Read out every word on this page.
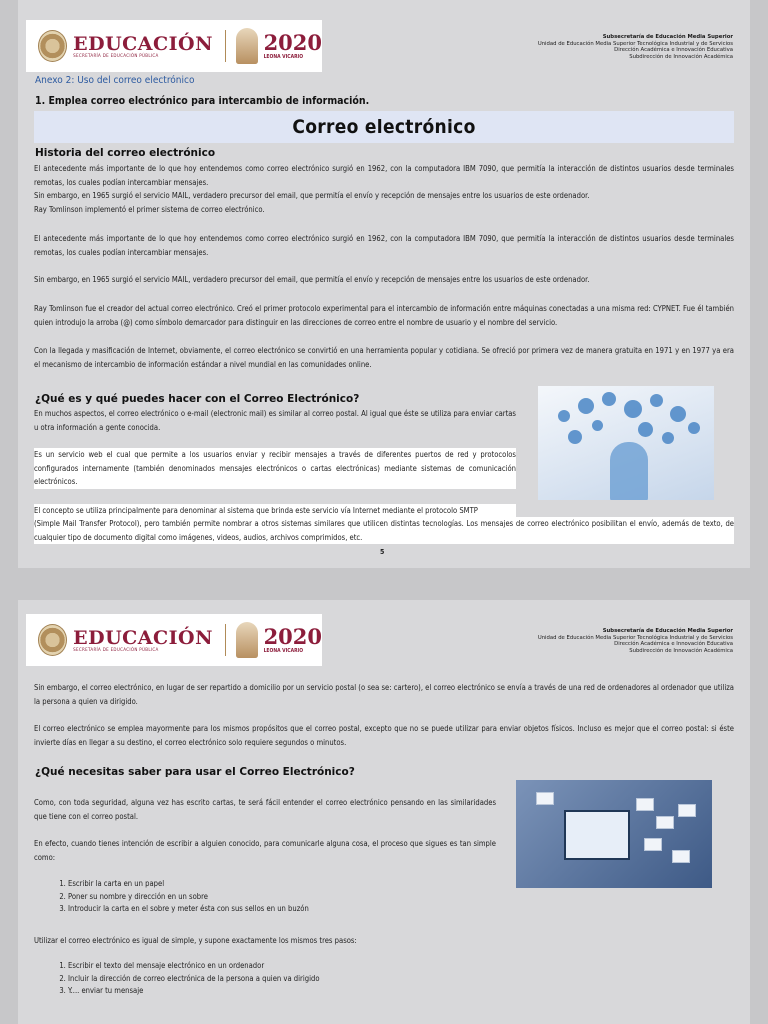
EDUCACIÓN
SECRETARÍA DE EDUCACIÓN PÚBLICA
2020
LEONA VICARIO
Subsecretaría de Educación Media Superior
Unidad de Educación Media Superior Tecnológica Industrial y de Servicios
Dirección Académica e Innovación Educativa
Subdirección de Innovación Académica
Anexo 2: Uso del correo electrónico
1. Emplea correo electrónico para intercambio de información.
Correo electrónico
Historia del correo electrónico
El antecedente más importante de lo que hoy entendemos como correo electrónico surgió en 1962, con la computadora IBM 7090, que permitía la interacción de distintos usuarios desde terminales remotas, los cuales podían intercambiar mensajes.
Sin embargo, en 1965 surgió el servicio MAIL, verdadero precursor del email, que permitía el envío y recepción de mensajes entre los usuarios de este ordenador.
Ray Tomlinson implementó el primer sistema de correo electrónico.
El antecedente más importante de lo que hoy entendemos como correo electrónico surgió en 1962, con la computadora IBM 7090, que permitía la interacción de distintos usuarios desde terminales remotas, los cuales podían intercambiar mensajes.
Sin embargo, en 1965 surgió el servicio MAIL, verdadero precursor del email, que permitía el envío y recepción de mensajes entre los usuarios de este ordenador.
Ray Tomlinson fue el creador del actual correo electrónico. Creó el primer protocolo experimental para el intercambio de información entre máquinas conectadas a una misma red: CYPNET. Fue él también quien introdujo la arroba (@) como símbolo demarcador para distinguir en las direcciones de correo entre el nombre de usuario y el nombre del servicio.
Con la llegada y masificación de Internet, obviamente, el correo electrónico se convirtió en una herramienta popular y cotidiana. Se ofreció por primera vez de manera gratuita en 1971 y en 1977 ya era el mecanismo de intercambio de información estándar a nivel mundial en las comunidades online.
¿Qué es y qué puedes hacer con el Correo Electrónico?
En muchos aspectos, el correo electrónico o e-mail (electronic mail) es similar al correo postal. Al igual que éste se utiliza para enviar cartas u otra información a gente conocida.
Es un servicio web el cual que permite a los usuarios enviar y recibir mensajes a través de diferentes puertos de red y protocolos configurados internamente (también denominados mensajes electrónicos o cartas electrónicas) mediante sistemas de comunicación electrónicos.
El concepto se utiliza principalmente para denominar al sistema que brinda este servicio vía Internet mediante el protocolo SMTP
(Simple Mail Transfer Protocol), pero también permite nombrar a otros sistemas similares que utilicen distintas tecnologías. Los mensajes de correo electrónico posibilitan el envío, además de texto, de cualquier tipo de documento digital como imágenes, videos, audios, archivos comprimidos, etc.
5
EDUCACIÓN
SECRETARÍA DE EDUCACIÓN PÚBLICA
2020
LEONA VICARIO
Subsecretaría de Educación Media Superior
Unidad de Educación Media Superior Tecnológica Industrial y de Servicios
Dirección Académica e Innovación Educativa
Subdirección de Innovación Académica
Sin embargo, el correo electrónico, en lugar de ser repartido a domicilio por un servicio postal (o sea se: cartero), el correo electrónico se envía a través de una red de ordenadores al ordenador que utiliza la persona a quien va dirigido.
El correo electrónico se emplea mayormente para los mismos propósitos que el correo postal, excepto que no se puede utilizar para enviar objetos físicos. Incluso es mejor que el correo postal: si éste invierte días en llegar a su destino, el correo electrónico solo requiere segundos o minutos.
¿Qué necesitas saber para usar el Correo Electrónico?
Como, con toda seguridad, alguna vez has escrito cartas, te será fácil entender el correo electrónico pensando en las similaridades que tiene con el correo postal.
En efecto, cuando tienes intención de escribir a alguien conocido, para comunicarle alguna cosa, el proceso que sigues es tan simple como:
1. Escribir la carta en un papel
2. Poner su nombre y dirección en un sobre
3. Introducir la carta en el sobre y meter ésta con sus sellos en un buzón
Utilizar el correo electrónico es igual de simple, y supone exactamente los mismos tres pasos:
1. Escribir el texto del mensaje electrónico en un ordenador
2. Incluir la dirección de correo electrónica de la persona a quien va dirigido
3. Y.... enviar tu mensaje
